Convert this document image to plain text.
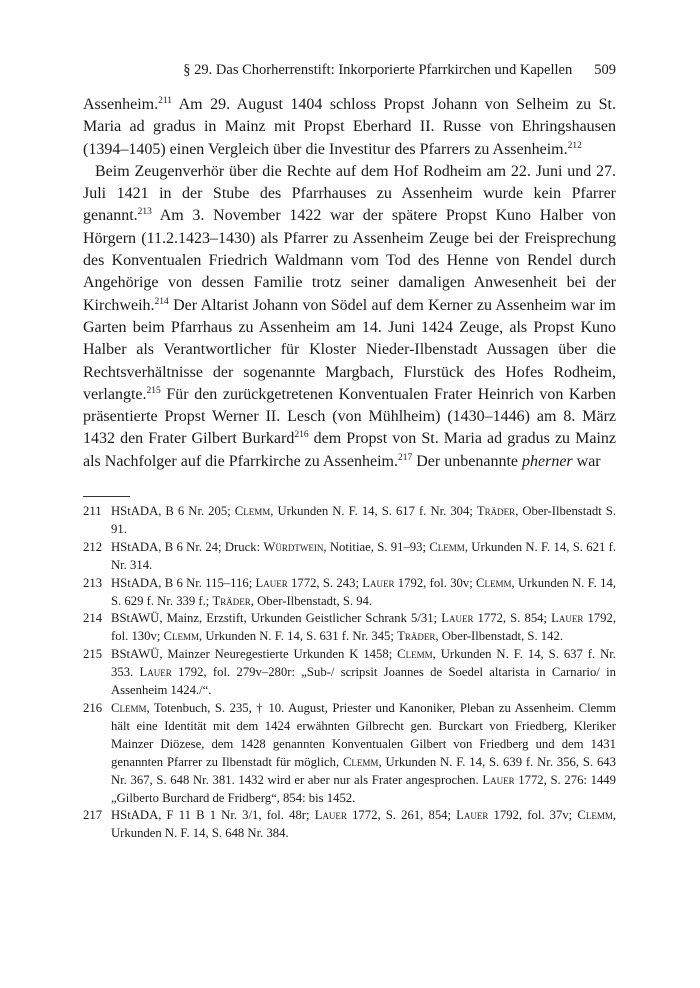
§ 29. Das Chorherrenstift: Inkorporierte Pfarrkirchen und Kapellen 509

Assenheim.$^{211}$ Am 29. August 1404 schloss Propst Johann von Selheim zu St. Maria ad gradus in Mainz mit Propst Eberhard II. Russe von Ehringshausen (1394–1405) einen Vergleich über die Investitur des Pfarrers zu Assenheim.$^{212}$

Beim Zeugenverhör über die Rechte auf dem Hof Rodheim am 22. Juni und 27. Juli 1421 in der Stube des Pfarrhauses zu Assenheim wurde kein Pfarrer genannt.$^{213}$ Am 3. November 1422 war der spätere Propst Kuno Halber von Hörgern (11.2.1423–1430) als Pfarrer zu Assenheim Zeuge bei der Freisprechung des Konventualen Friedrich Waldmann vom Tod des Henne von Rendel durch Angehörige von dessen Familie trotz seiner damaligen Anwesenheit bei der Kirchweih.$^{214}$ Der Altarist Johann von Södel auf dem Kerner zu Assenheim war im Garten beim Pfarrhaus zu Assenheim am 14. Juni 1424 Zeuge, als Propst Kuno Halber als Verantwortlicher für Kloster Nieder-Ilbenstadt Aussagen über die Rechtsverhältnisse der sogenannte Margbach, Flurstück des Hofes Rodheim, verlangte.$^{215}$ Für den zurückgetretenen Konventualen Frater Heinrich von Karben präsentierte Propst Werner II. Lesch (von Mühlheim) (1430–1446) am 8. März 1432 den Frater Gilbert Burkard$^{216}$ dem Propst von St. Maria ad gradus zu Mainz als Nachfolger auf die Pfarrkirche zu Assenheim.$^{217}$ Der unbenannte pherner war

211 HStADA, B 6 Nr. 205; Clemm, Urkunden N. F. 14, S. 617 f. Nr. 304; Träder, Ober-Ilbenstadt S. 91.
212 HStADA, B 6 Nr. 24; Druck: Würdtwein, Notitiae, S. 91–93; Clemm, Urkunden N. F. 14, S. 621 f. Nr. 314.
213 HStADA, B 6 Nr. 115–116; Lauer 1772, S. 243; Lauer 1792, fol. 30v; Clemm, Urkunden N. F. 14, S. 629 f. Nr. 339 f.; Träder, Ober-Ilbenstadt, S. 94.
214 BStAWÜ, Mainz, Erzstift, Urkunden Geistlicher Schrank 5/31; Lauer 1772, S. 854; Lauer 1792, fol. 130v; Clemm, Urkunden N. F. 14, S. 631 f. Nr. 345; Träder, Ober-Ilbenstadt, S. 142.
215 BStAWÜ, Mainzer Neuregestierte Urkunden K 1458; Clemm, Urkunden N. F. 14, S. 637 f. Nr. 353. Lauer 1792, fol. 279v–280r: „Sub-/ scripsit Joannes de Soedel altarista in Carnario/ in Assenheim 1424./“.
216 Clemm, Totenbuch, S. 235, † 10. August, Priester und Kanoniker, Pleban zu Assenheim. Clemm hält eine Identität mit dem 1424 erwähnten Gilbrecht gen. Burckart von Friedberg, Kleriker Mainzer Diözese, dem 1428 genannten Konventualen Gilbert von Friedberg und dem 1431 genannten Pfarrer zu Ilbenstadt für möglich, Clemm, Urkunden N. F. 14, S. 639 f. Nr. 356, S. 643 Nr. 367, S. 648 Nr. 381. 1432 wird er aber nur als Frater angesprochen. Lauer 1772, S. 276: 1449 „Gilberto Burchard de Fridberg“, 854: bis 1452.
217 HStADA, F 11 B 1 Nr. 3/1, fol. 48r; Lauer 1772, S. 261, 854; Lauer 1792, fol. 37v; Clemm, Urkunden N. F. 14, S. 648 Nr. 384.
